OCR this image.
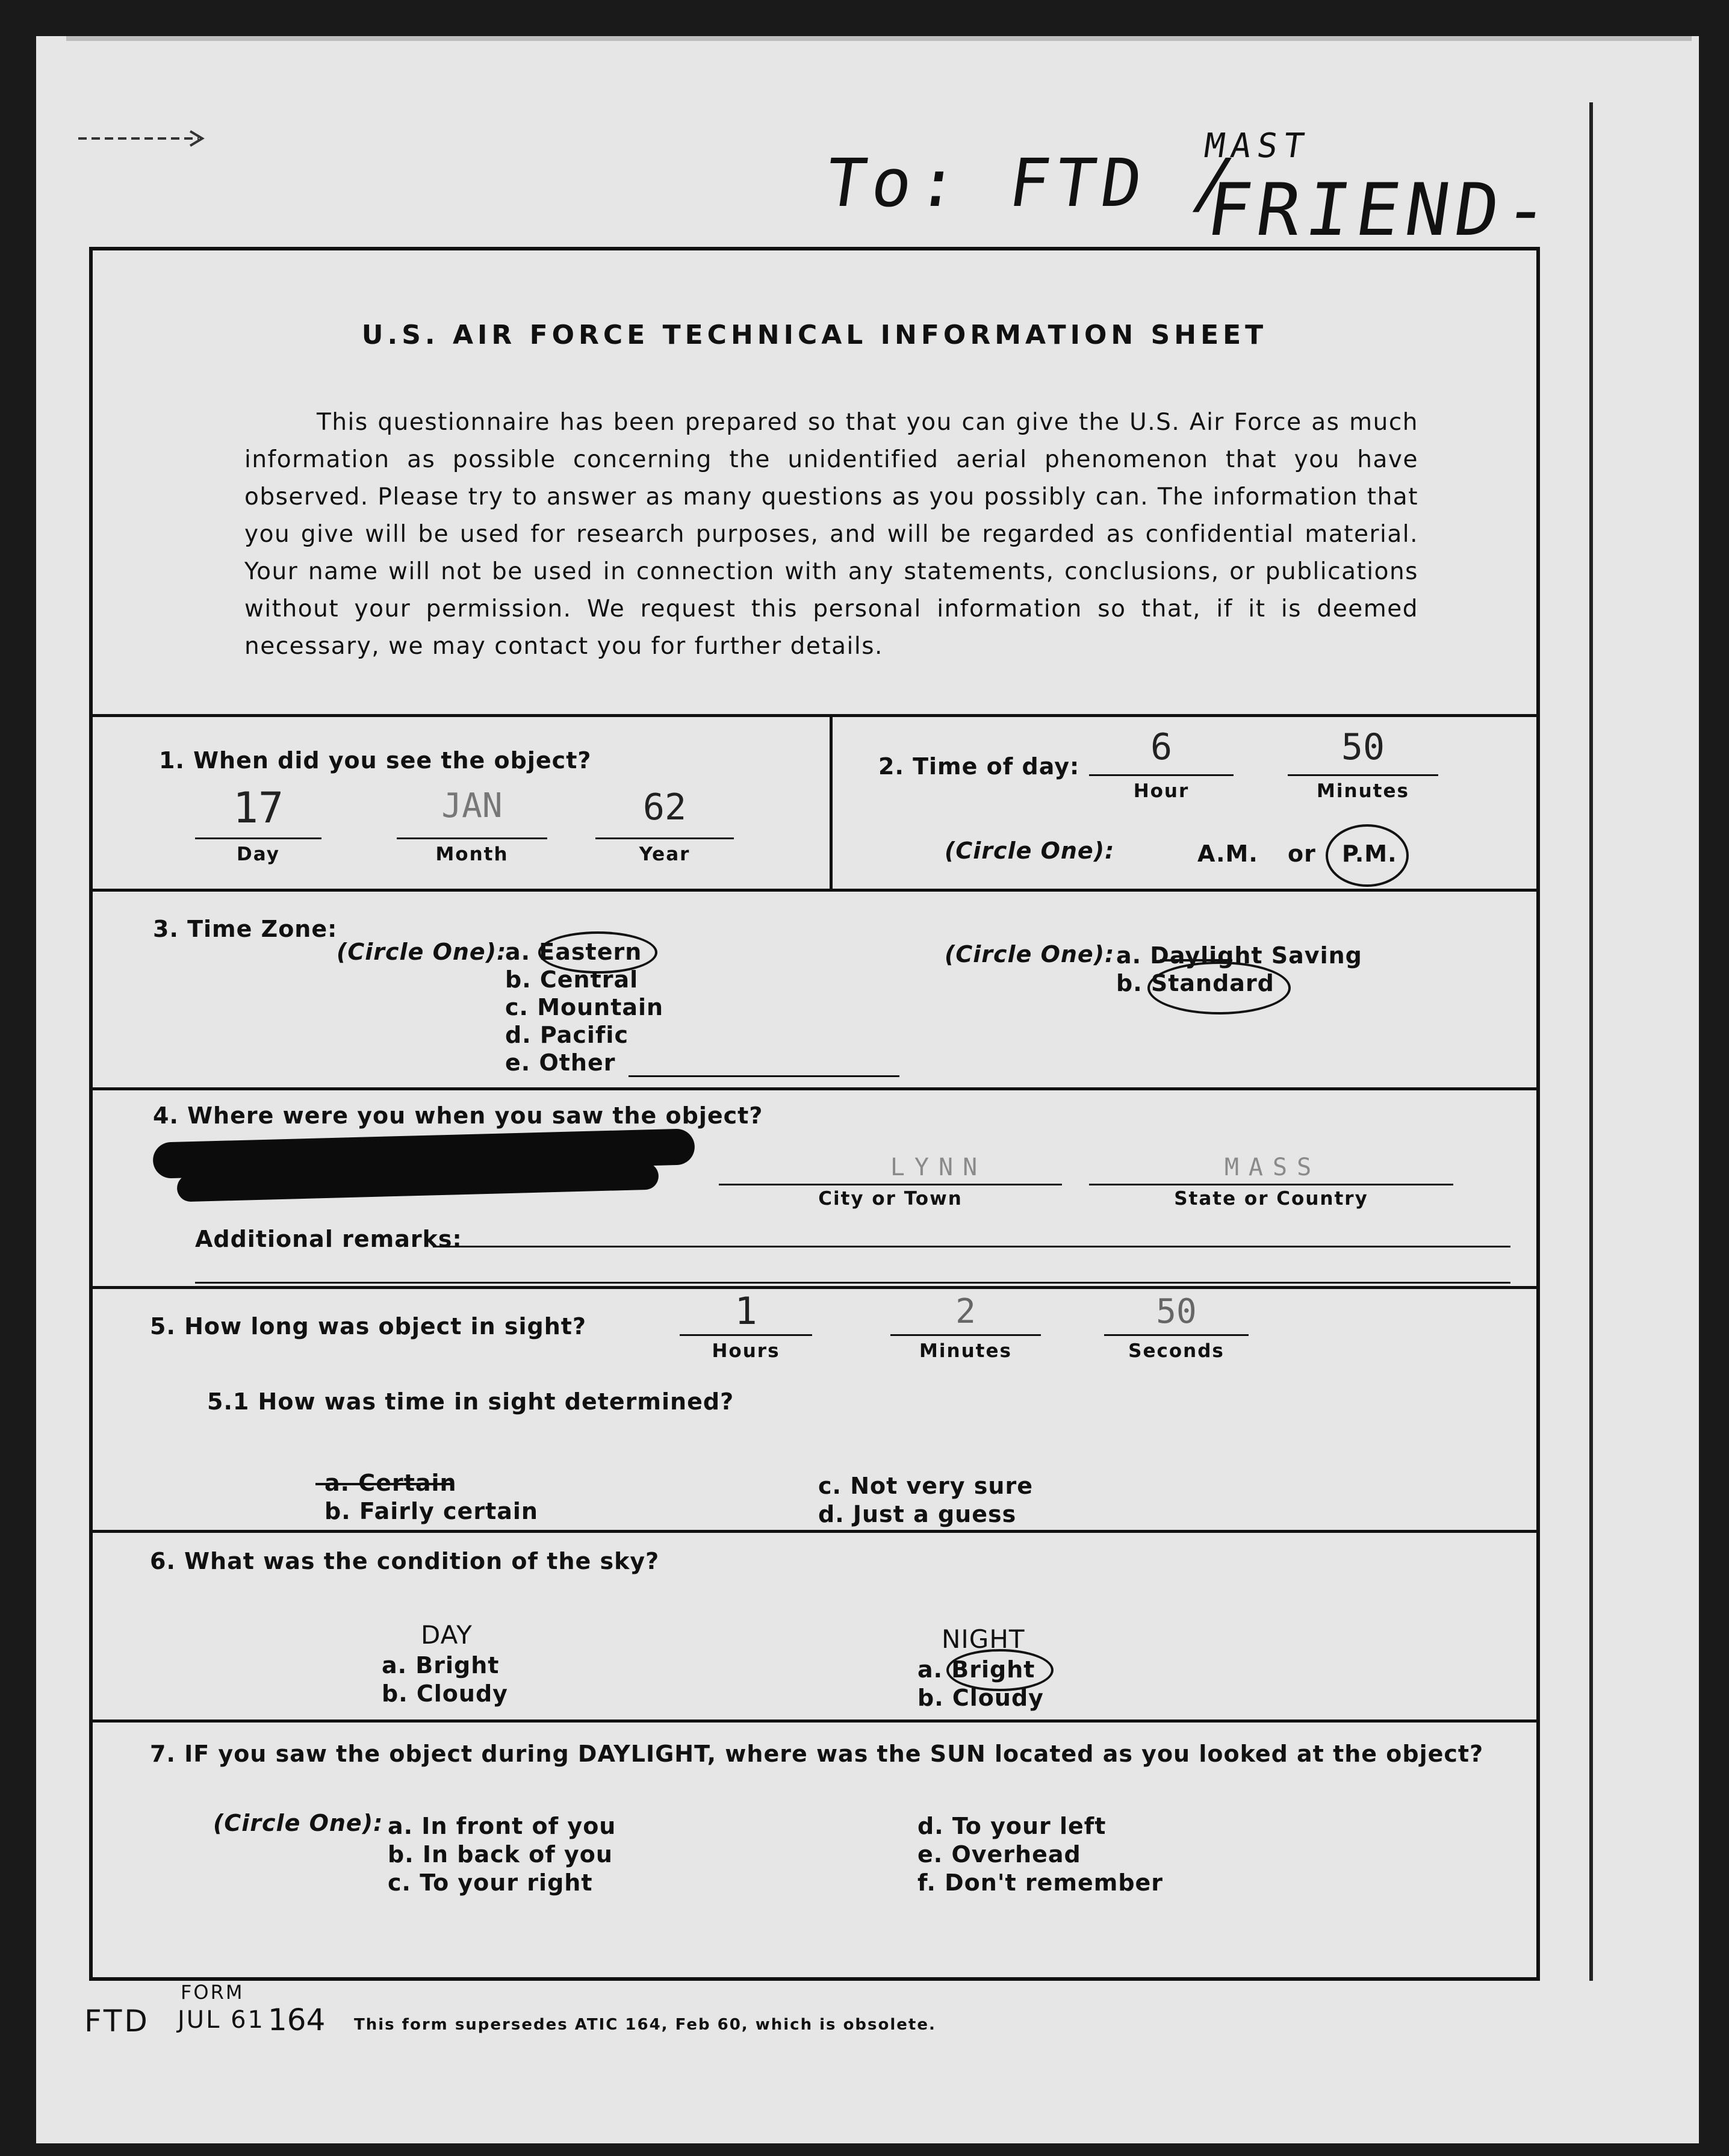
To: FTD /
MAST
FRIEND-
U.S. AIR FORCE TECHNICAL INFORMATION SHEET
This questionnaire has been prepared so that you can give the U.S. Air Force as much information as possible concerning the unidentified aerial phenomenon that you have observed. Please try to answer as many questions as you possibly can. The information that you give will be used for research purposes, and will be regarded as confidential material. Your name will not be used in connection with any statements, conclusions, or publications without your permission. We request this personal information so that, if it is deemed necessary, we may contact you for further details.
1. When did you see the object?
17
Day
JAN
Month
62
Year
2. Time of day:	6
Hour
50
Minutes
(Circle One):	A.M. or P.M.
3. Time Zone:
(Circle One):
a. Eastern
b. Central
c. Mountain
d. Pacific
e. Other
(Circle One): a. Daylight Saving
b. Standard
4. Where were you when you saw the object?
LYNN
City or Town
MASS
State or Country
Additional remarks:
5. How long was object in sight?	1
Hours
2
Minutes
50
Seconds
5.1 How was time in sight determined?
a. Certain
b. Fairly certain
c. Not very sure
d. Just a guess
6. What was the condition of the sky?
DAY
a. Bright
b. Cloudy
NIGHT
a. Bright
b. Cloudy
7. IF you saw the object during DAYLIGHT, where was the SUN located as you looked at the object?
(Circle One): a. In front of you
b. In back of you
c. To your right
d. To your left
e. Overhead
f. Don't remember
FTD
FORM
JUL 61 164 This form supersedes ATIC 164, Feb 60, which is obsolete.
